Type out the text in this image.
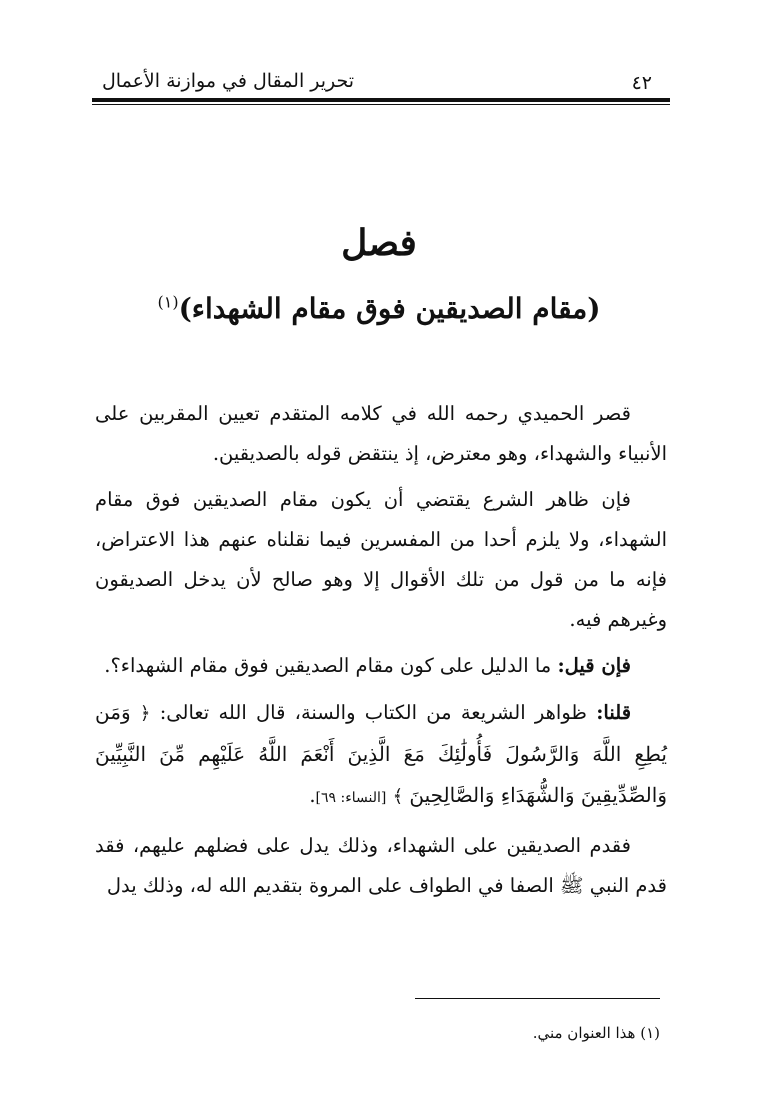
٤٢
تحرير المقال في موازنة الأعمال
فصل
(مقام الصديقين فوق مقام الشهداء)$^{(١)}$

قصر الحميدي رحمه الله في كلامه المتقدم تعيين المقربين على الأنبياء والشهداء، وهو معترض، إذ ينتقض قوله بالصديقين.

فإن ظاهر الشرع يقتضي أن يكون مقام الصديقين فوق مقام الشهداء، ولا يلزم أحدا من المفسرين فيما نقلناه عنهم هذا الاعتراض، فإنه ما من قول من تلك الأقوال إلا وهو صالح لأن يدخل الصديقون وغيرهم فيه.

فإن قيل: ما الدليل على كون مقام الصديقين فوق مقام الشهداء؟.

قلنا: ظواهر الشريعة من الكتاب والسنة، قال الله تعالى: ﴿ وَمَن يُطِعِ اللَّهَ وَالرَّسُولَ فَأُولَٰئِكَ مَعَ الَّذِينَ أَنْعَمَ اللَّهُ عَلَيْهِم مِّنَ النَّبِيِّينَ وَالصِّدِّيقِينَ وَالشُّهَدَاءِ وَالصَّالِحِينَ ﴾ [النساء: ٦٩].

فقدم الصديقين على الشهداء، وذلك يدل على فضلهم عليهم، فقد قدم النبي ﷺ الصفا في الطواف على المروة بتقديم الله له، وذلك يدل

(١) هذا العنوان مني.
